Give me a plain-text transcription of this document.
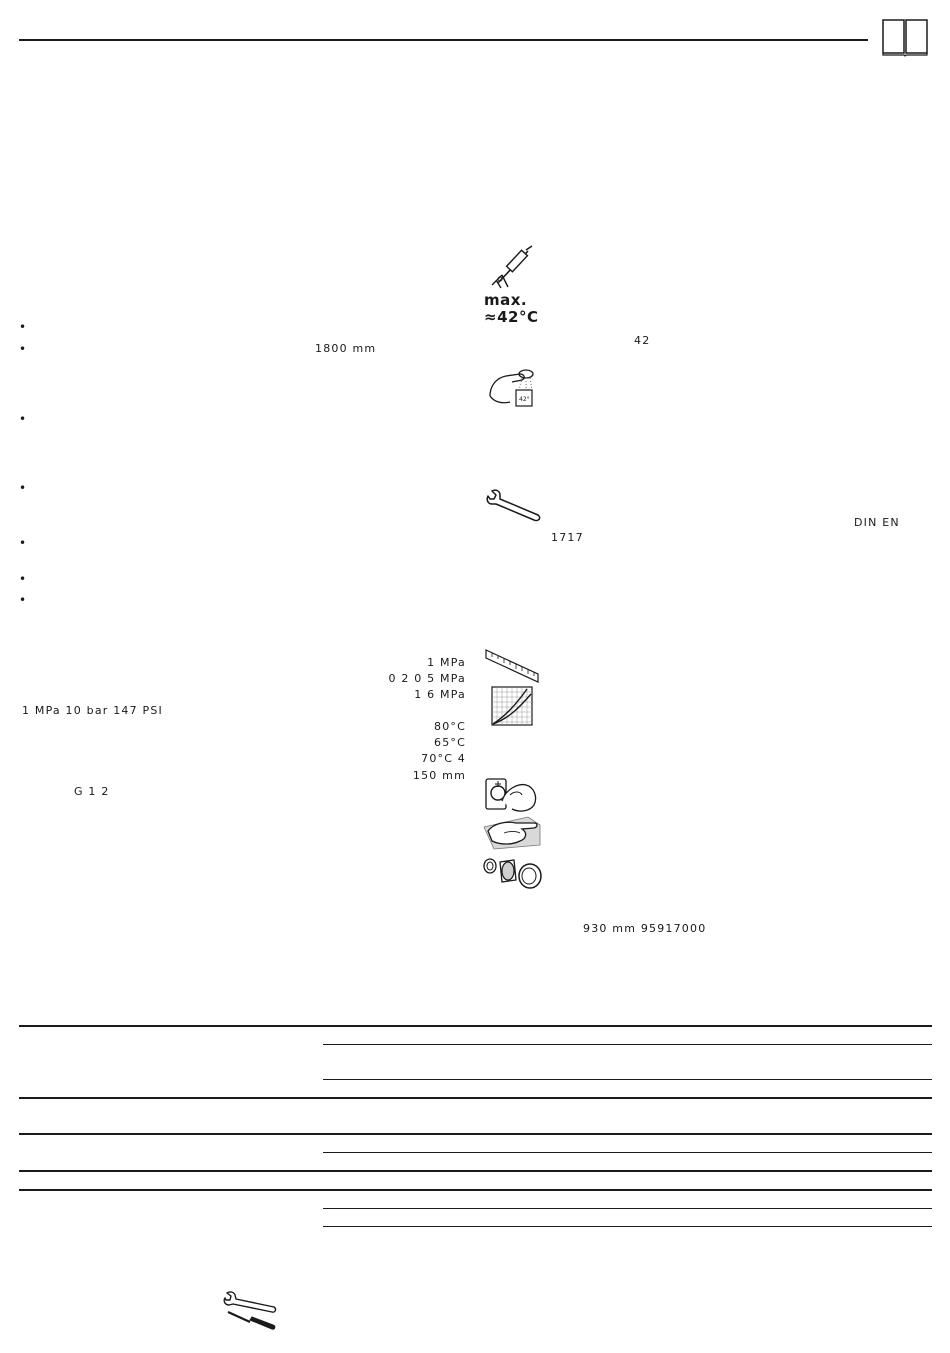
•
•
•
•
•
•
•
1800 mm
1 MPa
0 2 0 5 MPa
1 6 MPa
1 MPa 10 bar 147 PSI
80°C
65°C
70°C 4
150 mm
G 1 2
max.
≈42°C
42
42°
DIN EN
1717
930 mm 95917000
